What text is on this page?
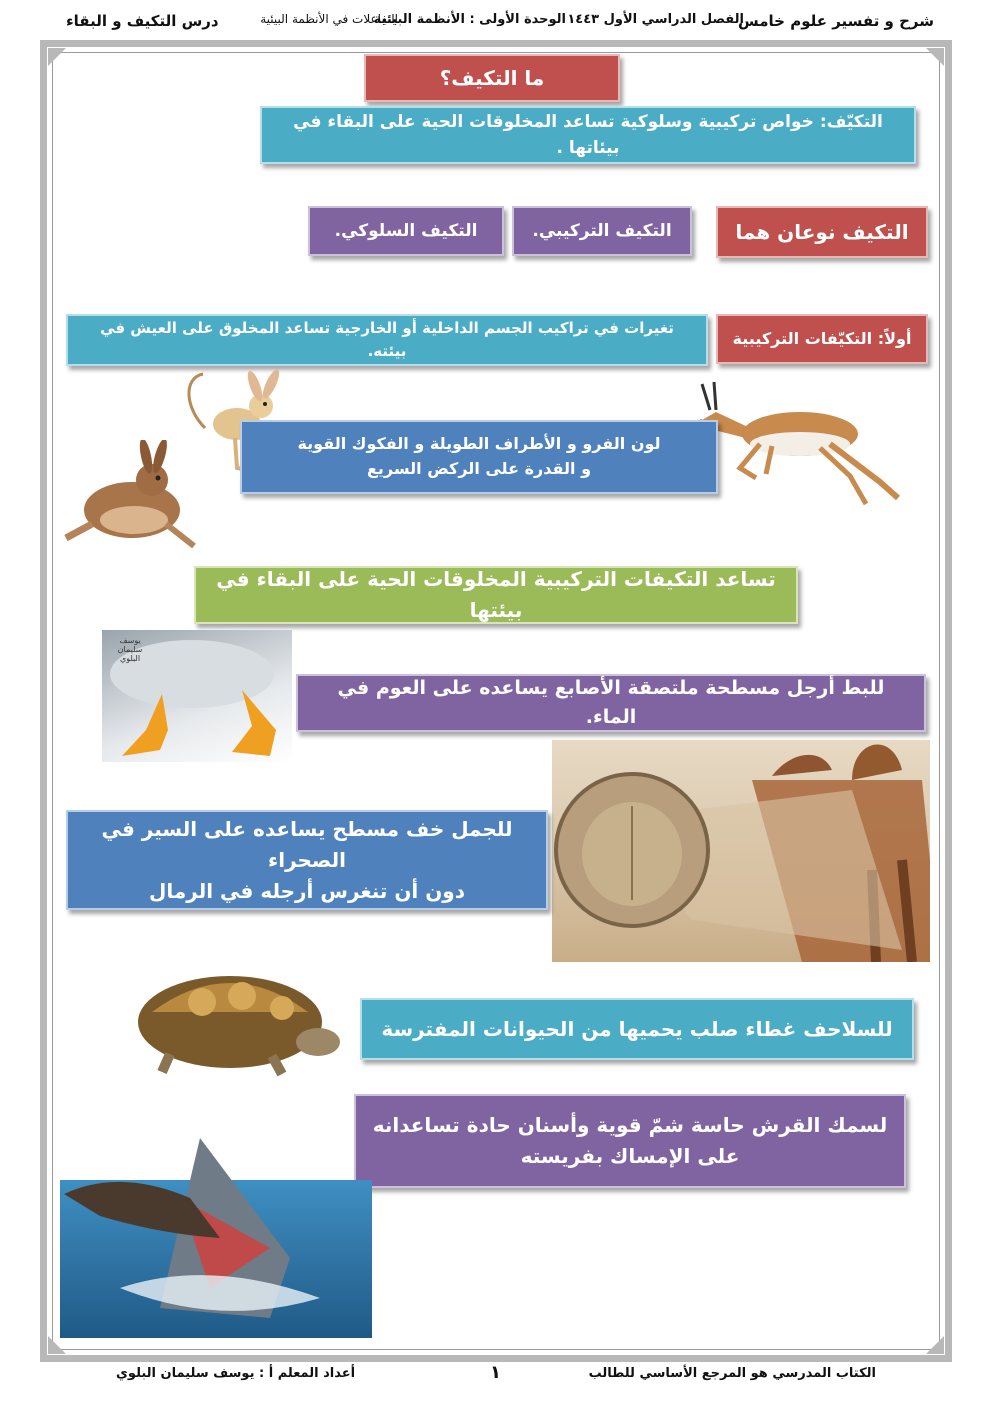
شرح و تفسير علوم خامس
الفصل الدراسي الأول ١٤٤٣
الوحدة الأولى : الأنظمة البيئية
التفاعلات في الأنظمة البيئية
درس التكيف و البقاء
ما التكيف؟
التكيّف: خواص تركيبية وسلوكية تساعد المخلوقات الحية على البقاء في بيئاتها .
التكيف نوعان هما
التكيف التركيبي.
التكيف السلوكي.
أولاً: التكيّفات التركيبية
تغيرات في تراكيب الجسم الداخلية أو الخارجية تساعد المخلوق على العيش في بيئته.
لون الفرو و الأطراف الطويلة و الفكوك القوية
و القدرة على الركض السريع
تساعد التكيفات التركيبية المخلوقات الحية على البقاء في بيئتها
يوسف سليمان البلوي
للبط أرجل مسطحة ملتصقة الأصابع يساعده على العوم في الماء.
للجمل خف مسطح يساعده على السير في الصحراء
دون أن تنغرس أرجله في الرمال
للسلاحف غطاء صلب يحميها من الحيوانات المفترسة
لسمك القرش حاسة شمّ قوية وأسنان حادة تساعدانه
على الإمساك بفريسته
الكتاب المدرسي هو المرجع الأساسي للطالب
١
أعداد المعلم أ : يوسف سليمان البلوي
